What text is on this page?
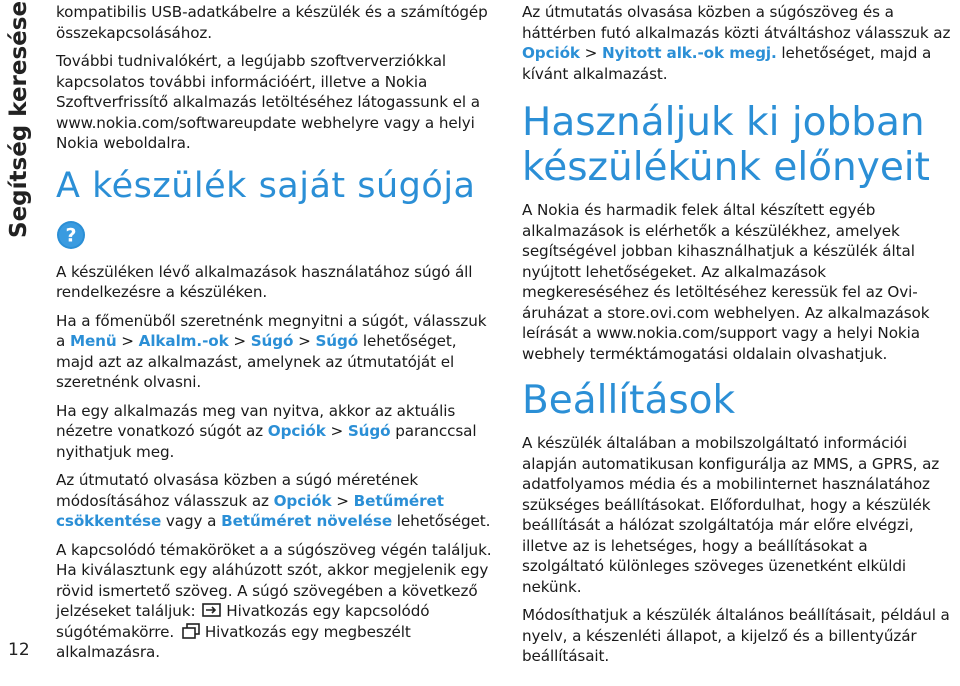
Segítség keresése
12

kompatibilis USB-adatkábelre a készülék és a számítógép összekapcsolásához.

További tudnivalókért, a legújabb szoftververziókkal kapcsolatos további információért, illetve a Nokia Szoftverfrissítő alkalmazás letöltéséhez látogassunk el a www.nokia.com/softwareupdate webhelyre vagy a helyi Nokia weboldalra.

A készülék saját súgója
?

A készüléken lévő alkalmazások használatához súgó áll rendelkezésre a készüléken.

Ha a főmenüből szeretnénk megnyitni a súgót, válasszuk a Menü > Alkalm.-ok > Súgó > Súgó lehetőséget, majd azt az alkalmazást, amelynek az útmutatóját el szeretnénk olvasni.

Ha egy alkalmazás meg van nyitva, akkor az aktuális nézetre vonatkozó súgót az Opciók > Súgó paranccsal nyithatjuk meg.

Az útmutató olvasása közben a súgó méretének módosításához válasszuk az Opciók > Betűméret csökkentése vagy a Betűméret növelése lehetőséget.

A kapcsolódó témaköröket a a súgószöveg végén találjuk. Ha kiválasztunk egy aláhúzott szót, akkor megjelenik egy rövid ismertető szöveg. A súgó szövegében a következő jelzéseket találjuk: Hivatkozás egy kapcsolódó súgótémakörre. Hivatkozás egy megbeszélt alkalmazásra.

Az útmutatás olvasása közben a súgószöveg és a háttérben futó alkalmazás közti átváltáshoz válasszuk az Opciók > Nyitott alk.-ok megj. lehetőséget, majd a kívánt alkalmazást.

Használjuk ki jobban készülékünk előnyeit

A Nokia és harmadik felek által készített egyéb alkalmazások is elérhetők a készülékhez, amelyek segítségével jobban kihasználhatjuk a készülék által nyújtott lehetőségeket. Az alkalmazások megkereséséhez és letöltéséhez keressük fel az Ovi-áruházat a store.ovi.com webhelyen. Az alkalmazások leírását a www.nokia.com/support vagy a helyi Nokia webhely terméktámogatási oldalain olvashatjuk.

Beállítások

A készülék általában a mobilszolgáltató információi alapján automatikusan konfigurálja az MMS, a GPRS, az adatfolyamos média és a mobilinternet használatához szükséges beállításokat. Előfordulhat, hogy a készülék beállítását a hálózat szolgáltatója már előre elvégzi, illetve az is lehetséges, hogy a beállításokat a szolgáltató különleges szöveges üzenetként elküldi nekünk.

Módosíthatjuk a készülék általános beállításait, például a nyelv, a készenléti állapot, a kijelző és a billentyűzár beállításait.
